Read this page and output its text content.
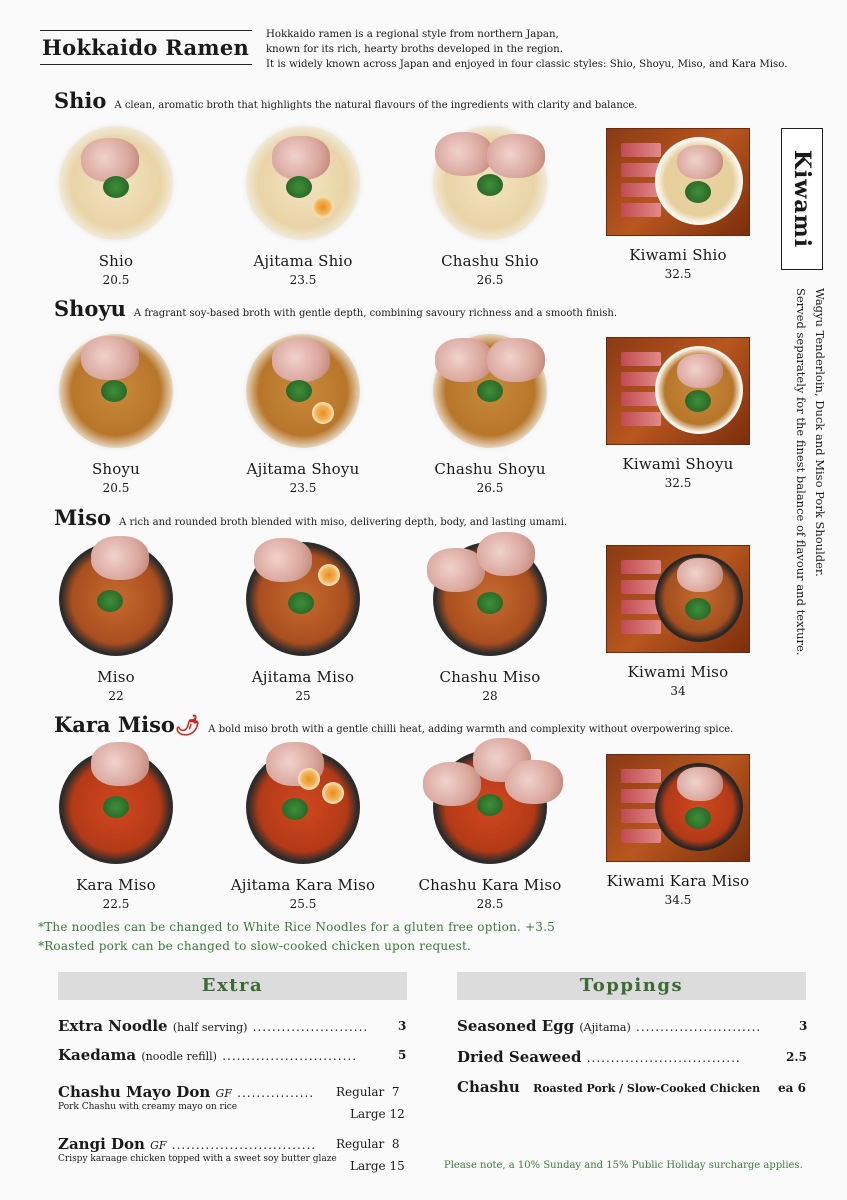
Hokkaido Ramen
Hokkaido ramen is a regional style from northern Japan,
known for its rich, hearty broths developed in the region.
It is widely known across Japan and enjoyed in four classic styles: Shio, Shoyu, Miso, and Kara Miso.
Shio A clean, aromatic broth that highlights the natural flavours of the ingredients with clarity and balance.
Shoyu A fragrant soy-based broth with gentle depth, combining savoury richness and a smooth finish.
Miso A rich and rounded broth blended with miso, delivering depth, body, and lasting umami.
Kara Miso🌶 A bold miso broth with a gentle chilli heat, adding warmth and complexity without overpowering spice.
Shio
20.5
Ajitama Shio
23.5
Chashu Shio
26.5
Kiwami Shio
32.5
Shoyu
20.5
Ajitama Shoyu
23.5
Chashu Shoyu
26.5
Kiwami Shoyu
32.5
Miso
22
Ajitama Miso
25
Chashu Miso
28
Kiwami Miso
34
Kara Miso
22.5
Ajitama Kara Miso
25.5
Chashu Kara Miso
28.5
Kiwami Kara Miso
34.5
Kiwami
Wagyu Tenderloin, Duck and Miso Pork Shoulder.
Served separately for the finest balance of flavour and texture.
*The noodles can be changed to White Rice Noodles for a gluten free option. +3.5
*Roasted pork can be changed to slow-cooked chicken upon request.
Extra
Extra Noodle (half serving) ........................ 3
Kaedama (noodle refill) ............................	5
Chashu Mayo Don GF ................ Regular 7
Pork Chashu with creamy mayo on rice	Large 12
Zangi Don GF .............................. Regular 8
Crispy karaage chicken topped with a sweet soy butter glaze Large 15
Toppings
Seasoned Egg (Ajitama) ..........................	3
Dried Seaweed ................................	2.5
Chashu Roasted Pork / Slow-Cooked Chicken ea 6
Please note, a 10% Sunday and 15% Public Holiday surcharge applies.
